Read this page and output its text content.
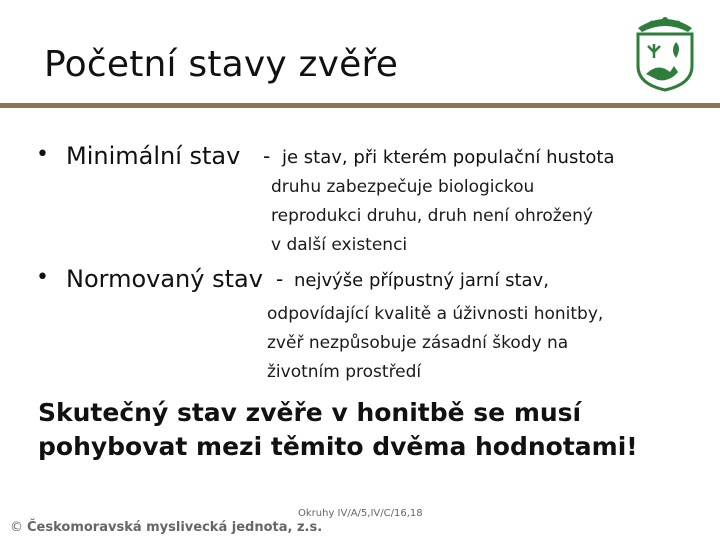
Početní stavy zvěře
• Minimální stav - je stav, při kterém populační hustota
druhu zabezpečuje biologickou
reprodukci druhu, druh není ohrožený
v další existenci
• Normovaný stav - nejvýše přípustný jarní stav,
odpovídající kvalitě a úživnosti honitby,
zvěř nezpůsobuje zásadní škody na
životním prostředí
Skutečný stav zvěře v honitbě se musí
pohybovat mezi těmito dvěma hodnotami!
© Českomoravská myslivecká jednota, z.s.
Okruhy IV/A/5,IV/C/16,18
